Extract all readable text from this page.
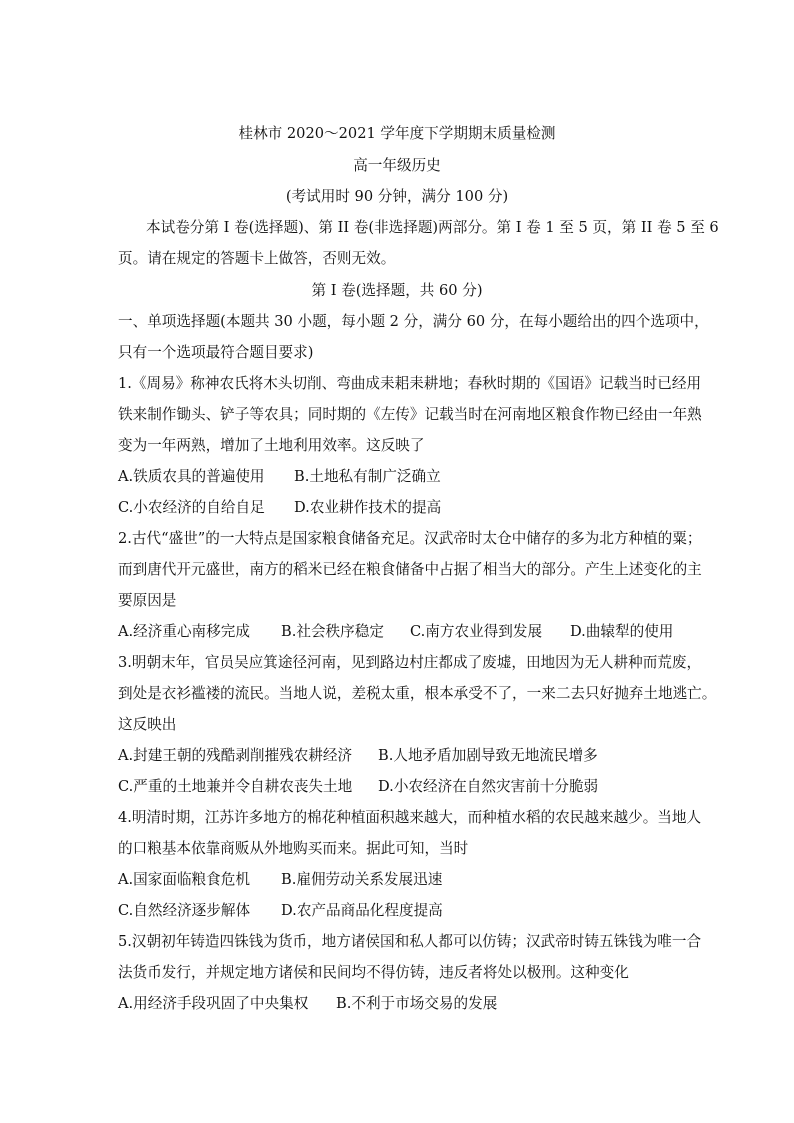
桂林市 2020～2021 学年度下学期期末质量检测
高一年级历史
(考试用时 90 分钟，满分 100 分)
本试卷分第 I 卷(选择题)、第 II 卷(非选择题)两部分。第 I 卷 1 至 5 页，第 II 卷 5 至 6
页。请在规定的答题卡上做答，否则无效。
第 I 卷(选择题，共 60 分)
一、单项选择题(本题共 30 小题，每小题 2 分，满分 60 分，在每小题给出的四个选项中，
只有一个选项最符合题目要求)
1.《周易》称神农氏将木头切削、弯曲成耒耜耒耕地；春秋时期的《国语》记载当时已经用
铁来制作锄头、铲子等农具；同时期的《左传》记载当时在河南地区粮食作物已经由一年熟
变为一年两熟，增加了土地利用效率。这反映了
A.铁质农具的普遍使用 B.土地私有制广泛确立
C.小农经济的自给自足 D.农业耕作技术的提高
2.古代“盛世”的一大特点是国家粮食储备充足。汉武帝时太仓中储存的多为北方种植的粟；
而到唐代开元盛世，南方的稻米已经在粮食储备中占据了相当大的部分。产生上述变化的主
要原因是
A.经济重心南移完成 B.社会秩序稳定 C.南方农业得到发展 D.曲辕犁的使用
3.明朝末年，官员吴应箕途径河南，见到路边村庄都成了废墟，田地因为无人耕种而荒废，
到处是衣衫褴褛的流民。当地人说，差税太重，根本承受不了，一来二去只好抛弃土地逃亡。
这反映出
A.封建王朝的残酷剥削摧残农耕经济 B.人地矛盾加剧导致无地流民增多
C.严重的土地兼并令自耕农丧失土地 D.小农经济在自然灾害前十分脆弱
4.明清时期，江苏许多地方的棉花种植面积越来越大，而种植水稻的农民越来越少。当地人
的口粮基本依靠商贩从外地购买而来。据此可知，当时
A.国家面临粮食危机 B.雇佣劳动关系发展迅速
C.自然经济逐步解体 D.农产品商品化程度提高
5.汉朝初年铸造四铢钱为货币，地方诸侯国和私人都可以仿铸；汉武帝时铸五铢钱为唯一合
法货币发行，并规定地方诸侯和民间均不得仿铸，违反者将处以极刑。这种变化
A.用经济手段巩固了中央集权 B.不利于市场交易的发展
